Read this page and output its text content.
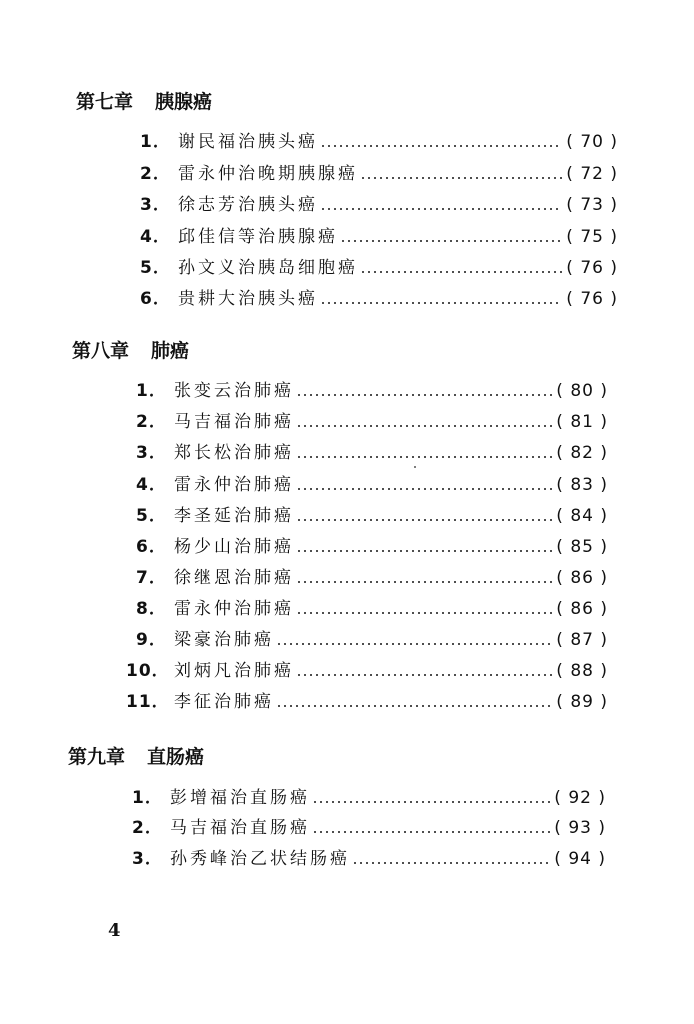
第七章 胰腺癌
1． 谢民福治胰头癌	( 70 )
2． 雷永仲治晚期胰腺癌	( 72 )
3． 徐志芳治胰头癌	( 73 )
4． 邱佳信等治胰腺癌	( 75 )
5． 孙文义治胰岛细胞癌	( 76 )
6． 贵耕大治胰头癌	( 76 )
第八章 肺癌
1． 张变云治肺癌	( 80 )
2． 马吉福治肺癌	( 81 )
3． 郑长松治肺癌	( 82 )
4． 雷永仲治肺癌	( 83 )
5． 李圣延治肺癌	( 84 )
6． 杨少山治肺癌	( 85 )
7． 徐继恩治肺癌	( 86 )
8． 雷永仲治肺癌	( 86 )
9． 梁豪治肺癌	( 87 )
10． 刘炳凡治肺癌	( 88 )
11． 李征治肺癌	( 89 )
第九章 直肠癌
1． 彭增福治直肠癌	( 92 )
2． 马吉福治直肠癌	( 93 )
3． 孙秀峰治乙状结肠癌	( 94 )
4
